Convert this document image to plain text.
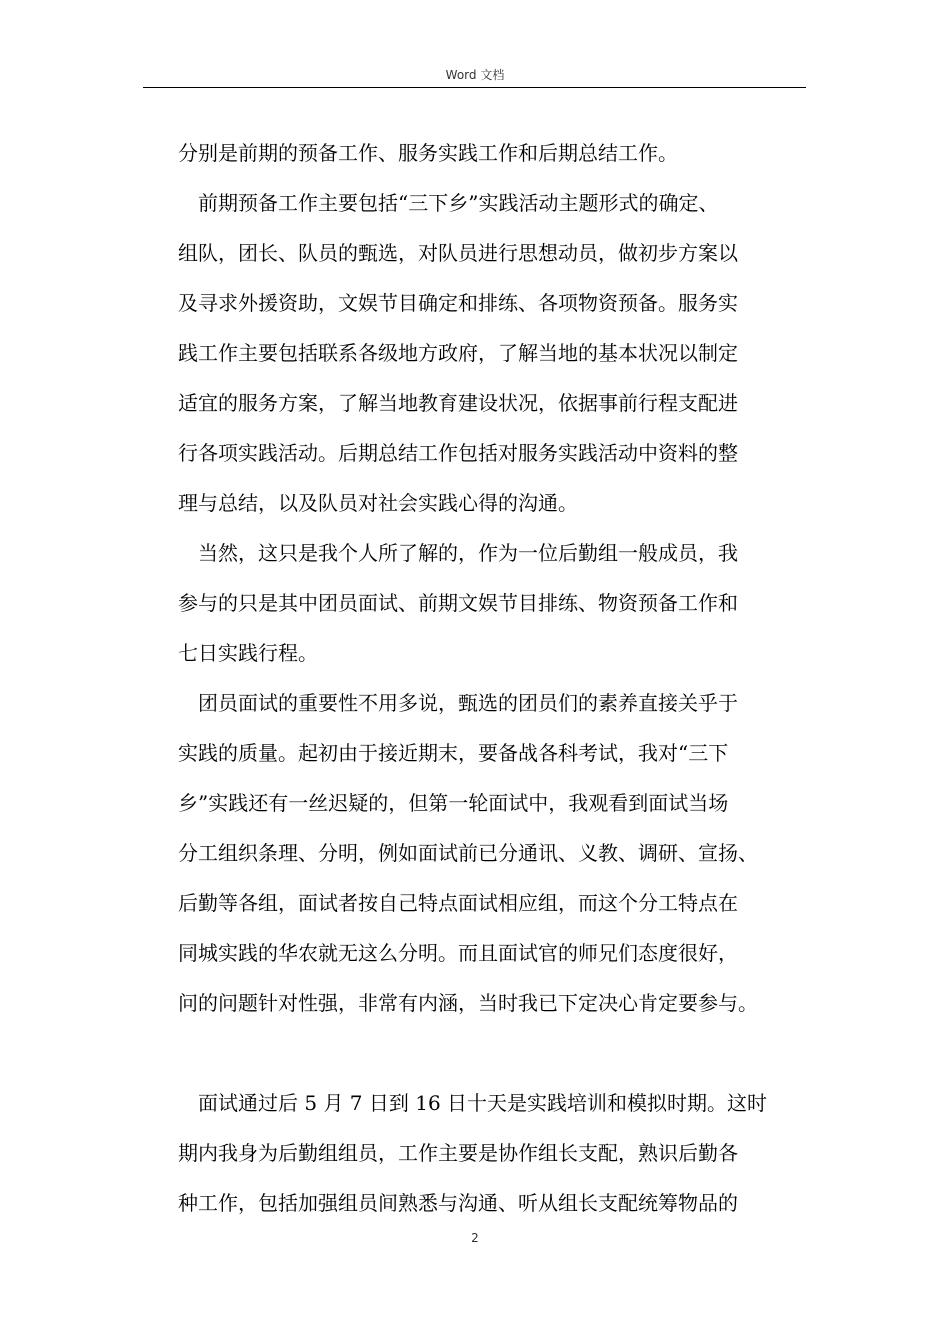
Word 文档
分别是前期的预备工作、服务实践工作和后期总结工作。
前期预备工作主要包括“三下乡”实践活动主题形式的确定、
组队，团长、队员的甄选，对队员进行思想动员，做初步方案以
及寻求外援资助，文娱节目确定和排练、各项物资预备。服务实
践工作主要包括联系各级地方政府，了解当地的基本状况以制定
适宜的服务方案，了解当地教育建设状况，依据事前行程支配进
行各项实践活动。后期总结工作包括对服务实践活动中资料的整
理与总结，以及队员对社会实践心得的沟通。
当然，这只是我个人所了解的，作为一位后勤组一般成员，我
参与的只是其中团员面试、前期文娱节目排练、物资预备工作和
七日实践行程。
团员面试的重要性不用多说，甄选的团员们的素养直接关乎于
实践的质量。起初由于接近期末，要备战各科考试，我对“三下
乡”实践还有一丝迟疑的，但第一轮面试中，我观看到面试当场
分工组织条理、分明，例如面试前已分通讯、义教、调研、宣扬、
后勤等各组，面试者按自己特点面试相应组，而这个分工特点在
同城实践的华农就无这么分明。而且面试官的师兄们态度很好，
问的问题针对性强，非常有内涵，当时我已下定决心肯定要参与。
面试通过后 5 月 7 日到 16 日十天是实践培训和模拟时期。这时
期内我身为后勤组组员，工作主要是协作组长支配，熟识后勤各
种工作，包括加强组员间熟悉与沟通、听从组长支配统筹物品的
2
